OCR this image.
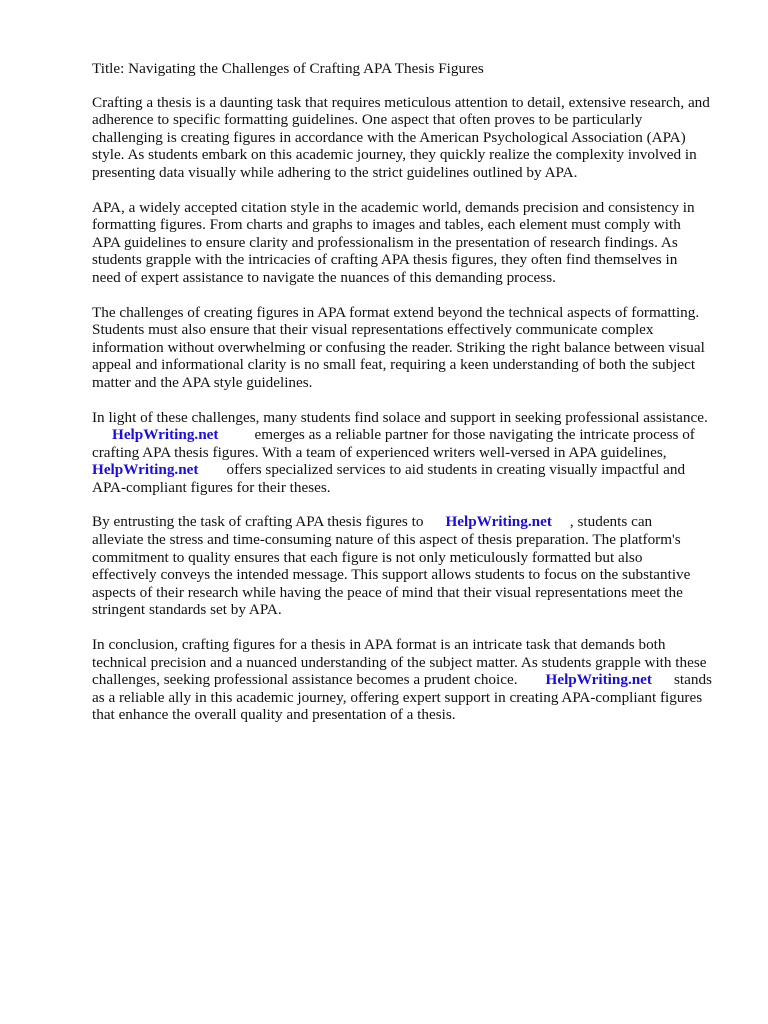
Title: Navigating the Challenges of Crafting APA Thesis Figures

Crafting a thesis is a daunting task that requires meticulous attention to detail, extensive research, and
adherence to specific formatting guidelines. One aspect that often proves to be particularly
challenging is creating figures in accordance with the American Psychological Association (APA)
style. As students embark on this academic journey, they quickly realize the complexity involved in
presenting data visually while adhering to the strict guidelines outlined by APA.

APA, a widely accepted citation style in the academic world, demands precision and consistency in
formatting figures. From charts and graphs to images and tables, each element must comply with
APA guidelines to ensure clarity and professionalism in the presentation of research findings. As
students grapple with the intricacies of crafting APA thesis figures, they often find themselves in
need of expert assistance to navigate the nuances of this demanding process.

The challenges of creating figures in APA format extend beyond the technical aspects of formatting.
Students must also ensure that their visual representations effectively communicate complex
information without overwhelming or confusing the reader. Striking the right balance between visual
appeal and informational clarity is no small feat, requiring a keen understanding of both the subject
matter and the APA style guidelines.

In light of these challenges, many students find solace and support in seeking professional assistance.
HelpWriting.net emerges as a reliable partner for those navigating the intricate process of
crafting APA thesis figures. With a team of experienced writers well-versed in APA guidelines,
HelpWriting.net offers specialized services to aid students in creating visually impactful and
APA-compliant figures for their theses.

By entrusting the task of crafting APA thesis figures to HelpWriting.net , students can
alleviate the stress and time-consuming nature of this aspect of thesis preparation. The platform's
commitment to quality ensures that each figure is not only meticulously formatted but also
effectively conveys the intended message. This support allows students to focus on the substantive
aspects of their research while having the peace of mind that their visual representations meet the
stringent standards set by APA.

In conclusion, crafting figures for a thesis in APA format is an intricate task that demands both
technical precision and a nuanced understanding of the subject matter. As students grapple with these
challenges, seeking professional assistance becomes a prudent choice. HelpWriting.net stands
as a reliable ally in this academic journey, offering expert support in creating APA-compliant figures
that enhance the overall quality and presentation of a thesis.
